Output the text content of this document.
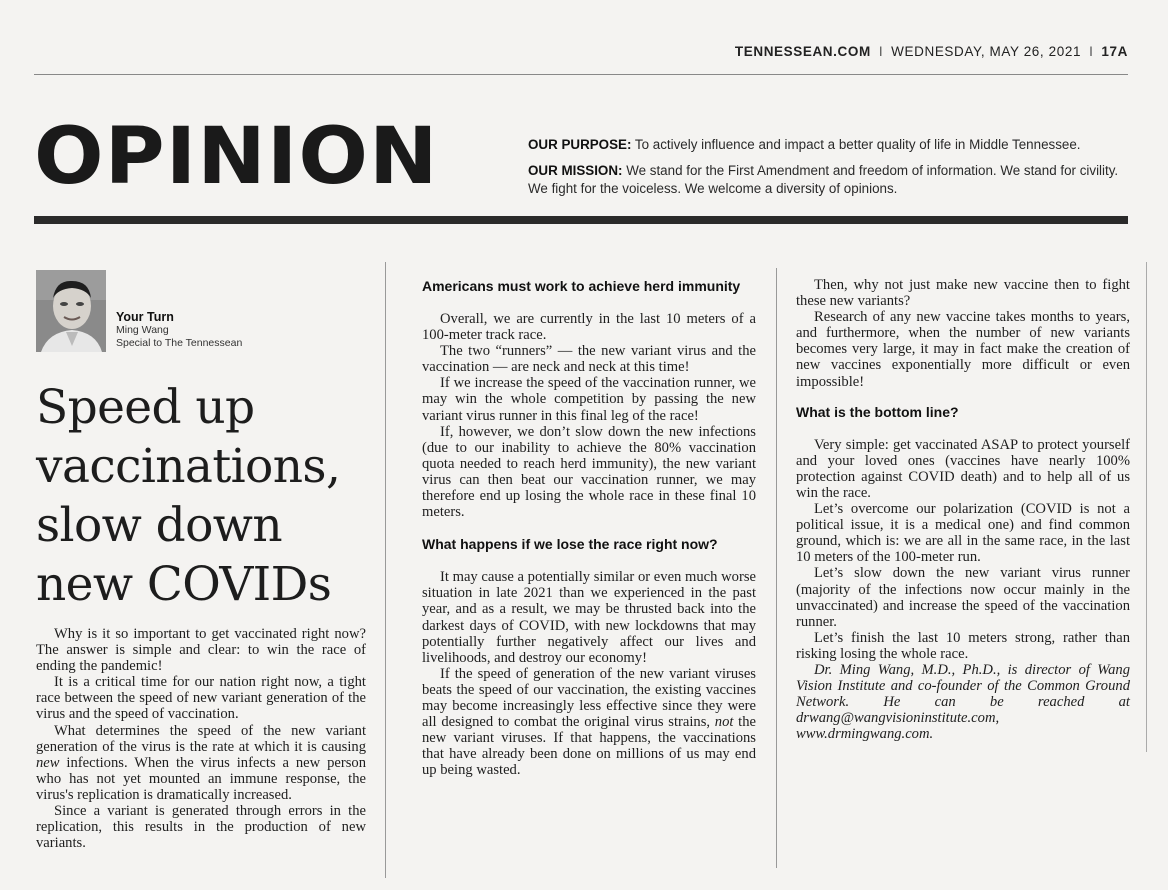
TENNESSEAN.COM I WEDNESDAY, MAY 26, 2021 I 17A
OPINION	OUR PURPOSE: To actively influence and impact a better quality of life in Middle Tennessee.

OUR MISSION: We stand for the First Amendment and freedom of information. We stand for civility. We fight for the voiceless. We welcome a diversity of opinions.

Your Turn
Ming Wang
Special to The Tennessean
Speed up vaccinations, slow down new COVIDs

Why is it so important to get vaccinated right now? The answer is simple and clear: to win the race of ending the pandemic!

It is a critical time for our nation right now, a tight race between the speed of new variant generation of the virus and the speed of vaccination.

What determines the speed of the new variant generation of the virus is the rate at which it is causing new infections. When the virus infects a new person who has not yet mounted an immune response, the virus's replication is dramatically increased.

Since a variant is generated through errors in the replication, this results in the production of new variants.

Americans must work to achieve herd immunity

Overall, we are currently in the last 10 meters of a 100-meter track race.

The two “runners” — the new variant virus and the vaccination — are neck and neck at this time!

If we increase the speed of the vaccination runner, we may win the whole competition by passing the new variant virus runner in this final leg of the race!

If, however, we don’t slow down the new infections (due to our inability to achieve the 80% vaccination quota needed to reach herd immunity), the new variant virus can then beat our vaccination runner, we may therefore end up losing the whole race in these final 10 meters.

What happens if we lose the race right now?

It may cause a potentially similar or even much worse situation in late 2021 than we experienced in the past year, and as a result, we may be thrusted back into the darkest days of COVID, with new lockdowns that may potentially further negatively affect our lives and livelihoods, and destroy our economy!

If the speed of generation of the new variant viruses beats the speed of our vaccination, the existing vaccines may become increasingly less effective since they were all designed to combat the original virus strains, not the new variant viruses. If that happens, the vaccinations that have already been done on millions of us may end up being wasted.

Then, why not just make new vaccine then to fight these new variants?

Research of any new vaccine takes months to years, and furthermore, when the number of new variants becomes very large, it may in fact make the creation of new vaccines exponentially more difficult or even impossible!

What is the bottom line?

Very simple: get vaccinated ASAP to protect yourself and your loved ones (vaccines have nearly 100% protection against COVID death) and to help all of us win the race.

Let’s overcome our polarization (COVID is not a political issue, it is a medical one) and find common ground, which is: we are all in the same race, in the last 10 meters of the 100-meter run.

Let’s slow down the new variant virus runner (majority of the infections now occur mainly in the unvaccinated) and increase the speed of the vaccination runner.

Let’s finish the last 10 meters strong, rather than risking losing the whole race.

Dr. Ming Wang, M.D., Ph.D., is director of Wang Vision Institute and co-founder of the Common Ground Network. He can be reached at drwang@wangvisioninstitute.com, www.drmingwang.com.
